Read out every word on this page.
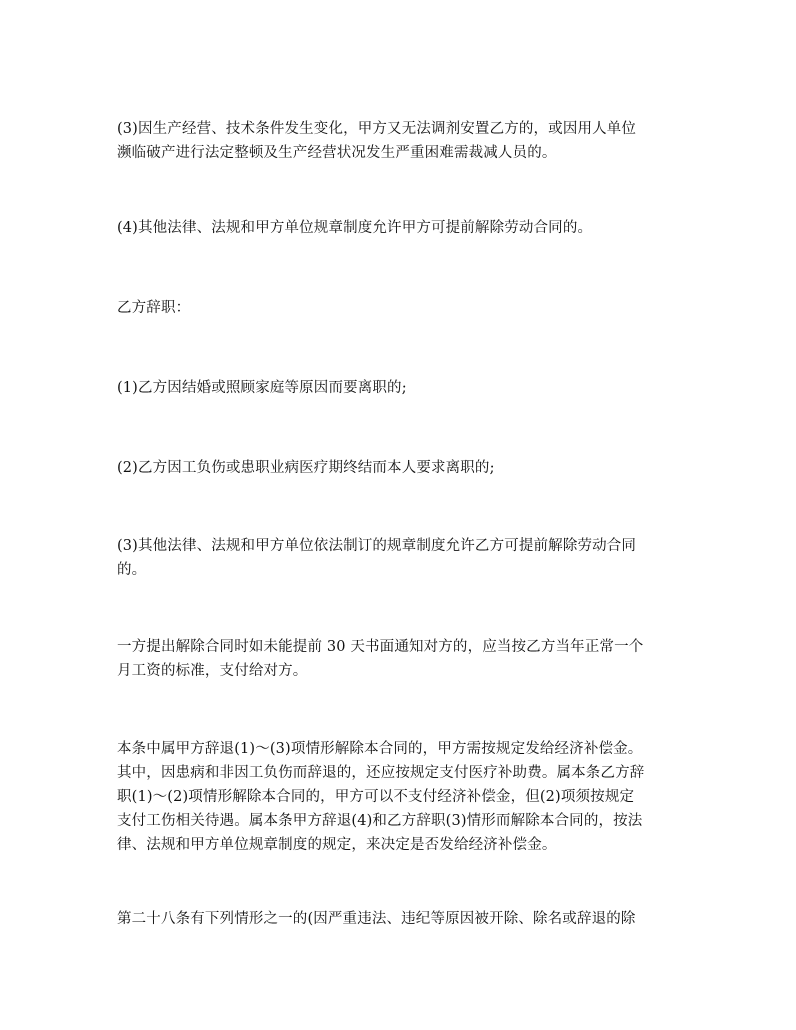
(3)因生产经营、技术条件发生变化，甲方又无法调剂安置乙方的，或因用人单位
濒临破产进行法定整顿及生产经营状况发生严重困难需裁减人员的。
(4)其他法律、法规和甲方单位规章制度允许甲方可提前解除劳动合同的。
乙方辞职：
(1)乙方因结婚或照顾家庭等原因而要离职的;
(2)乙方因工负伤或患职业病医疗期终结而本人要求离职的;
(3)其他法律、法规和甲方单位依法制订的规章制度允许乙方可提前解除劳动合同
的。
一方提出解除合同时如未能提前 30 天书面通知对方的，应当按乙方当年正常一个
月工资的标准，支付给对方。
本条中属甲方辞退(1)～(3)项情形解除本合同的，甲方需按规定发给经济补偿金。
其中，因患病和非因工负伤而辞退的，还应按规定支付医疗补助费。属本条乙方辞
职(1)～(2)项情形解除本合同的，甲方可以不支付经济补偿金，但(2)项须按规定
支付工伤相关待遇。属本条甲方辞退(4)和乙方辞职(3)情形而解除本合同的，按法
律、法规和甲方单位规章制度的规定，来决定是否发给经济补偿金。
第二十八条有下列情形之一的(因严重违法、违纪等原因被开除、除名或辞退的除
